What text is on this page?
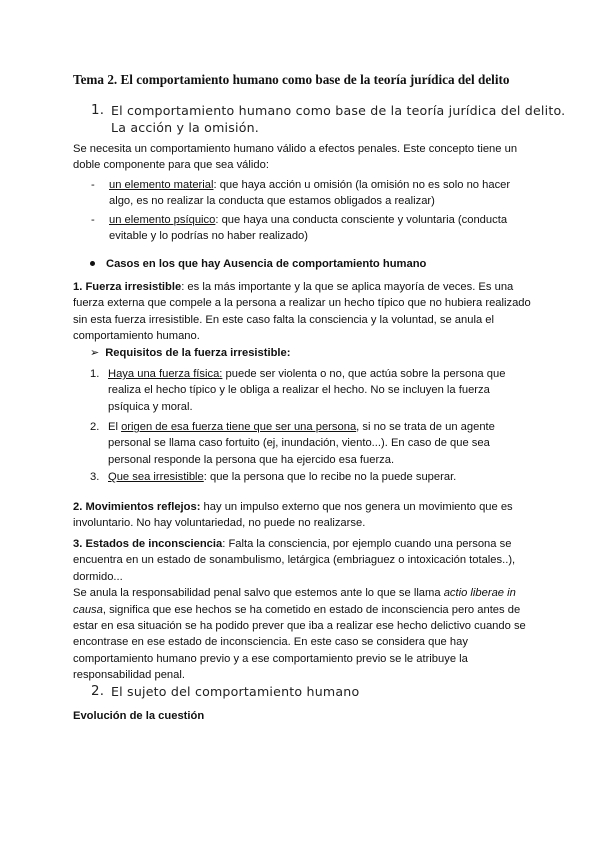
Tema 2. El comportamiento humano como base de la teoría jurídica del delito
1. El comportamiento humano como base de la teoría jurídica del delito.
La acción y la omisión.
Se necesita un comportamiento humano válido a efectos penales. Este concepto tiene un
doble componente para que sea válido:
- un elemento material: que haya acción u omisión (la omisión no es solo no hacer
algo, es no realizar la conducta que estamos obligados a realizar)
- un elemento psíquico: que haya una conducta consciente y voluntaria (conducta
evitable y lo podrías no haber realizado)
Casos en los que hay Ausencia de comportamiento humano
1. Fuerza irresistible: es la más importante y la que se aplica mayoría de veces. Es una
fuerza externa que compele a la persona a realizar un hecho típico que no hubiera realizado
sin esta fuerza irresistible. En este caso falta la consciencia y la voluntad, se anula el
comportamiento humano.
➢ Requisitos de la fuerza irresistible:
1. Haya una fuerza física: puede ser violenta o no, que actúa sobre la persona que
realiza el hecho típico y le obliga a realizar el hecho. No se incluyen la fuerza
psíquica y moral.
2. El origen de esa fuerza tiene que ser una persona, si no se trata de un agente
personal se llama caso fortuito (ej, inundación, viento...). En caso de que sea
personal responde la persona que ha ejercido esa fuerza.
3. Que sea irresistible: que la persona que lo recibe no la puede superar.
2. Movimientos reflejos: hay un impulso externo que nos genera un movimiento que es
involuntario. No hay voluntariedad, no puede no realizarse.
3. Estados de inconsciencia: Falta la consciencia, por ejemplo cuando una persona se
encuentra en un estado de sonambulismo, letárgica (embriaguez o intoxicación totales..),
dormido...
Se anula la responsabilidad penal salvo que estemos ante lo que se llama actio liberae in
causa, significa que ese hechos se ha cometido en estado de inconsciencia pero antes de
estar en esa situación se ha podido prever que iba a realizar ese hecho delictivo cuando se
encontrase en ese estado de inconsciencia. En este caso se considera que hay
comportamiento humano previo y a ese comportamiento previo se le atribuye la
responsabilidad penal.
2. El sujeto del comportamiento humano
Evolución de la cuestión
